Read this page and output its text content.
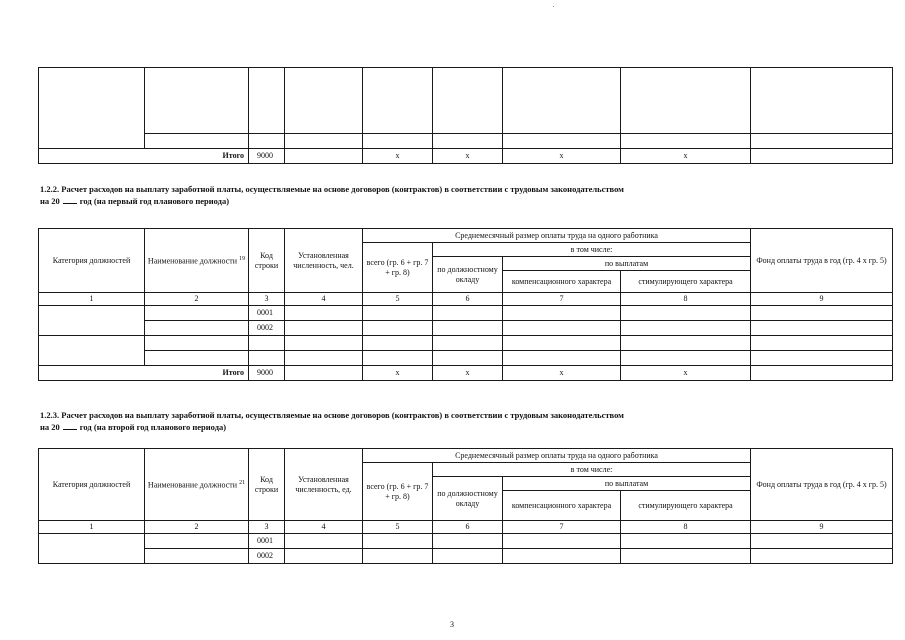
Итого		9000		x	x	x	x	
1.2.2. Расчет расходов на выплату заработной платы, осуществляемые на основе договоров (контрактов) в соответствии с трудовым законодательством
на 20 год (на первый год планового периода)
Категория должностей	Наименование должности $^{19}$	Код строки	Установленная численность, чел.	Среднемесячный размер оплаты труда на одного работника				Фонд оплаты труда в год (гр. 4 х гр. 5)
				всего (гр. 6 + гр. 7 + гр. 8)	в том числе:			
					по должностному окладу	по выплатам		
						компенсационного характера	стимулирующего характера	
1	2	3	4	5	6	7	8	9
		0001						
		0002						

Итого		9000		x	x	x	x	
1.2.3. Расчет расходов на выплату заработной платы, осуществляемые на основе договоров (контрактов) в соответствии с трудовым законодательством
на 20 год (на второй год планового периода)
Категория должностей	Наименование должности $^{21}$	Код строки	Установленная численность, ед.	Среднемесячный размер оплаты труда на одного работника				Фонд оплаты труда в год (гр. 4 х гр. 5)
				всего (гр. 6 + гр. 7 + гр. 8)	в том числе:			
					по должностному окладу	по выплатам		
						компенсационного характера	стимулирующего характера	
1	2	3	4	5	6	7	8	9
		0001						
		0002						
3
